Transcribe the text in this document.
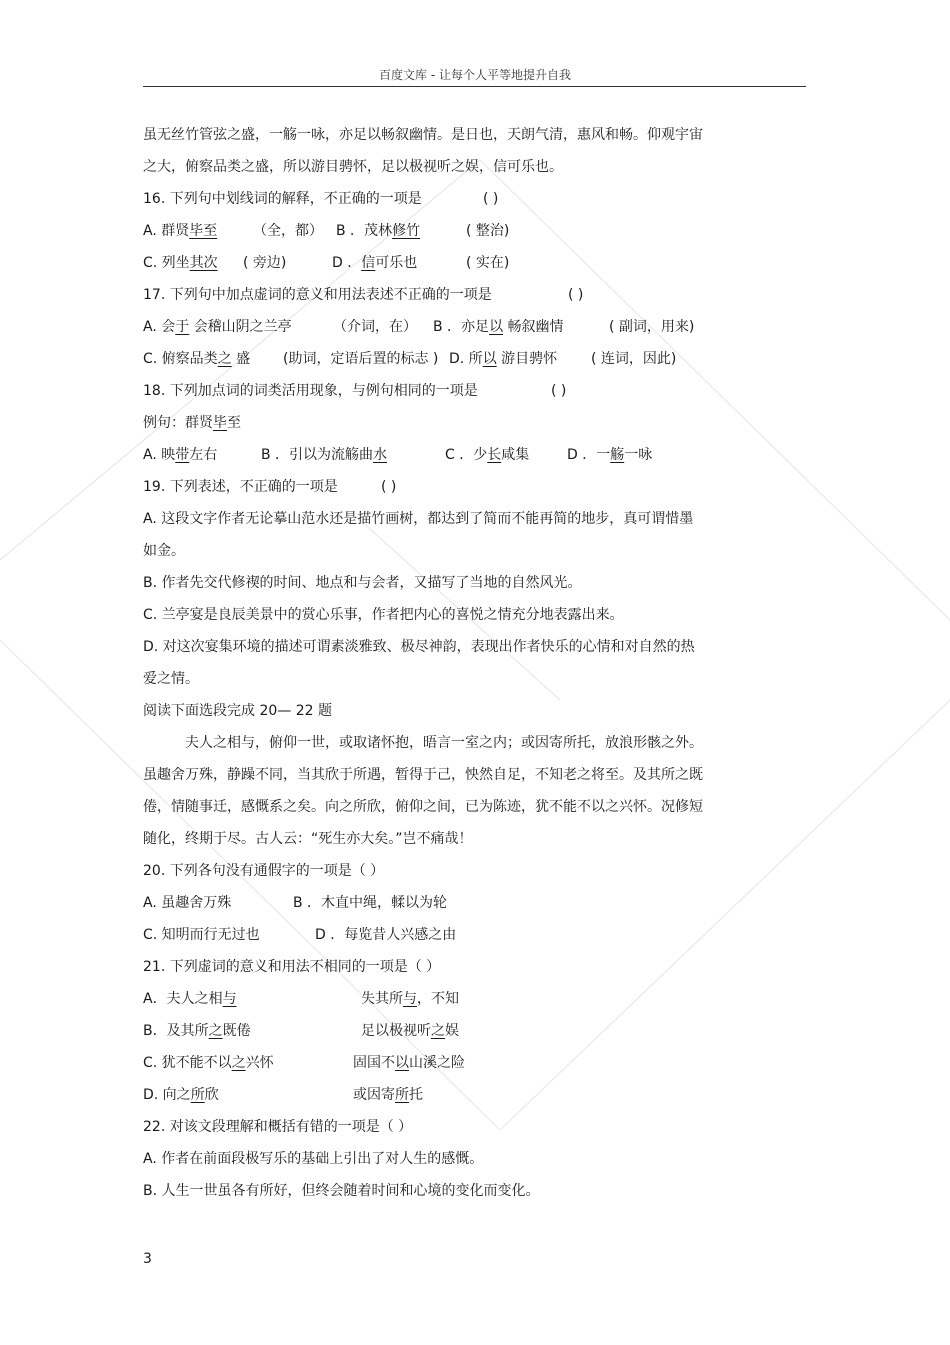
百度文库 - 让每个人平等地提升自我
虽无丝竹管弦之盛，一觞一咏，亦足以畅叙幽情。是日也，天朗气清，惠风和畅。仰观宇宙
之大，俯察品类之盛，所以游目骋怀，足以极视听之娱，信可乐也。
16. 下列句中划线词的解释，不正确的一项是	( )
A. 群贤毕至	（全，都） B ．茂林修竹	( 整治)
C. 列坐其次 ( 旁边)	D ．信可乐也	( 实在)
17. 下列句中加点虚词的意义和用法表述不正确的一项是	( )
A. 会于 会稽山阴之兰亭	（介词，在） B ．亦足以 畅叙幽情	( 副词，用来)
C. 俯察品类之 盛 (助词，定语后置的标志 ) D. 所以 游目骋怀 ( 连词，因此)
18. 下列加点词的词类活用现象，与例句相同的一项是	( )
例句：群贤毕至
A. 映带左右	B ．引以为流觞曲水	C ．少长咸集	D ．一觞一咏
19. 下列表述，不正确的一项是	( )
A. 这段文字作者无论摹山范水还是描竹画树，都达到了简而不能再简的地步，真可谓惜墨
如金。
B. 作者先交代修禊的时间、地点和与会者，又描写了当地的自然风光。
C. 兰亭宴是良辰美景中的赏心乐事，作者把内心的喜悦之情充分地表露出来。
D. 对这次宴集环境的描述可谓素淡雅致、极尽神韵，表现出作者快乐的心情和对自然的热
爱之情。
阅读下面选段完成 20— 22 题
夫人之相与，俯仰一世，或取诸怀抱，晤言一室之内；或因寄所托，放浪形骸之外。
虽趣舍万殊，静躁不同，当其欣于所遇，暂得于己，怏然自足，不知老之将至。及其所之既
倦，情随事迁，感慨系之矣。向之所欣，俯仰之间，已为陈迹，犹不能不以之兴怀。况修短
随化，终期于尽。古人云：“死生亦大矣。”岂不痛哉！
20. 下列各句没有通假字的一项是（ ）
A. 虽趣舍万殊	B ．木直中绳，輮以为轮
C. 知明而行无过也	D ．每览昔人兴感之由
21. 下列虚词的意义和用法不相同的一项是（ ）
A．夫人之相与	失其所与，不知
B．及其所之既倦	足以极视听之娱
C. 犹不能不以之兴怀	固国不以山溪之险
D. 向之所欣	或因寄所托
22. 对该文段理解和概括有错的一项是（ ）
A. 作者在前面段极写乐的基础上引出了对人生的感慨。
B. 人生一世虽各有所好，但终会随着时间和心境的变化而变化。
3
